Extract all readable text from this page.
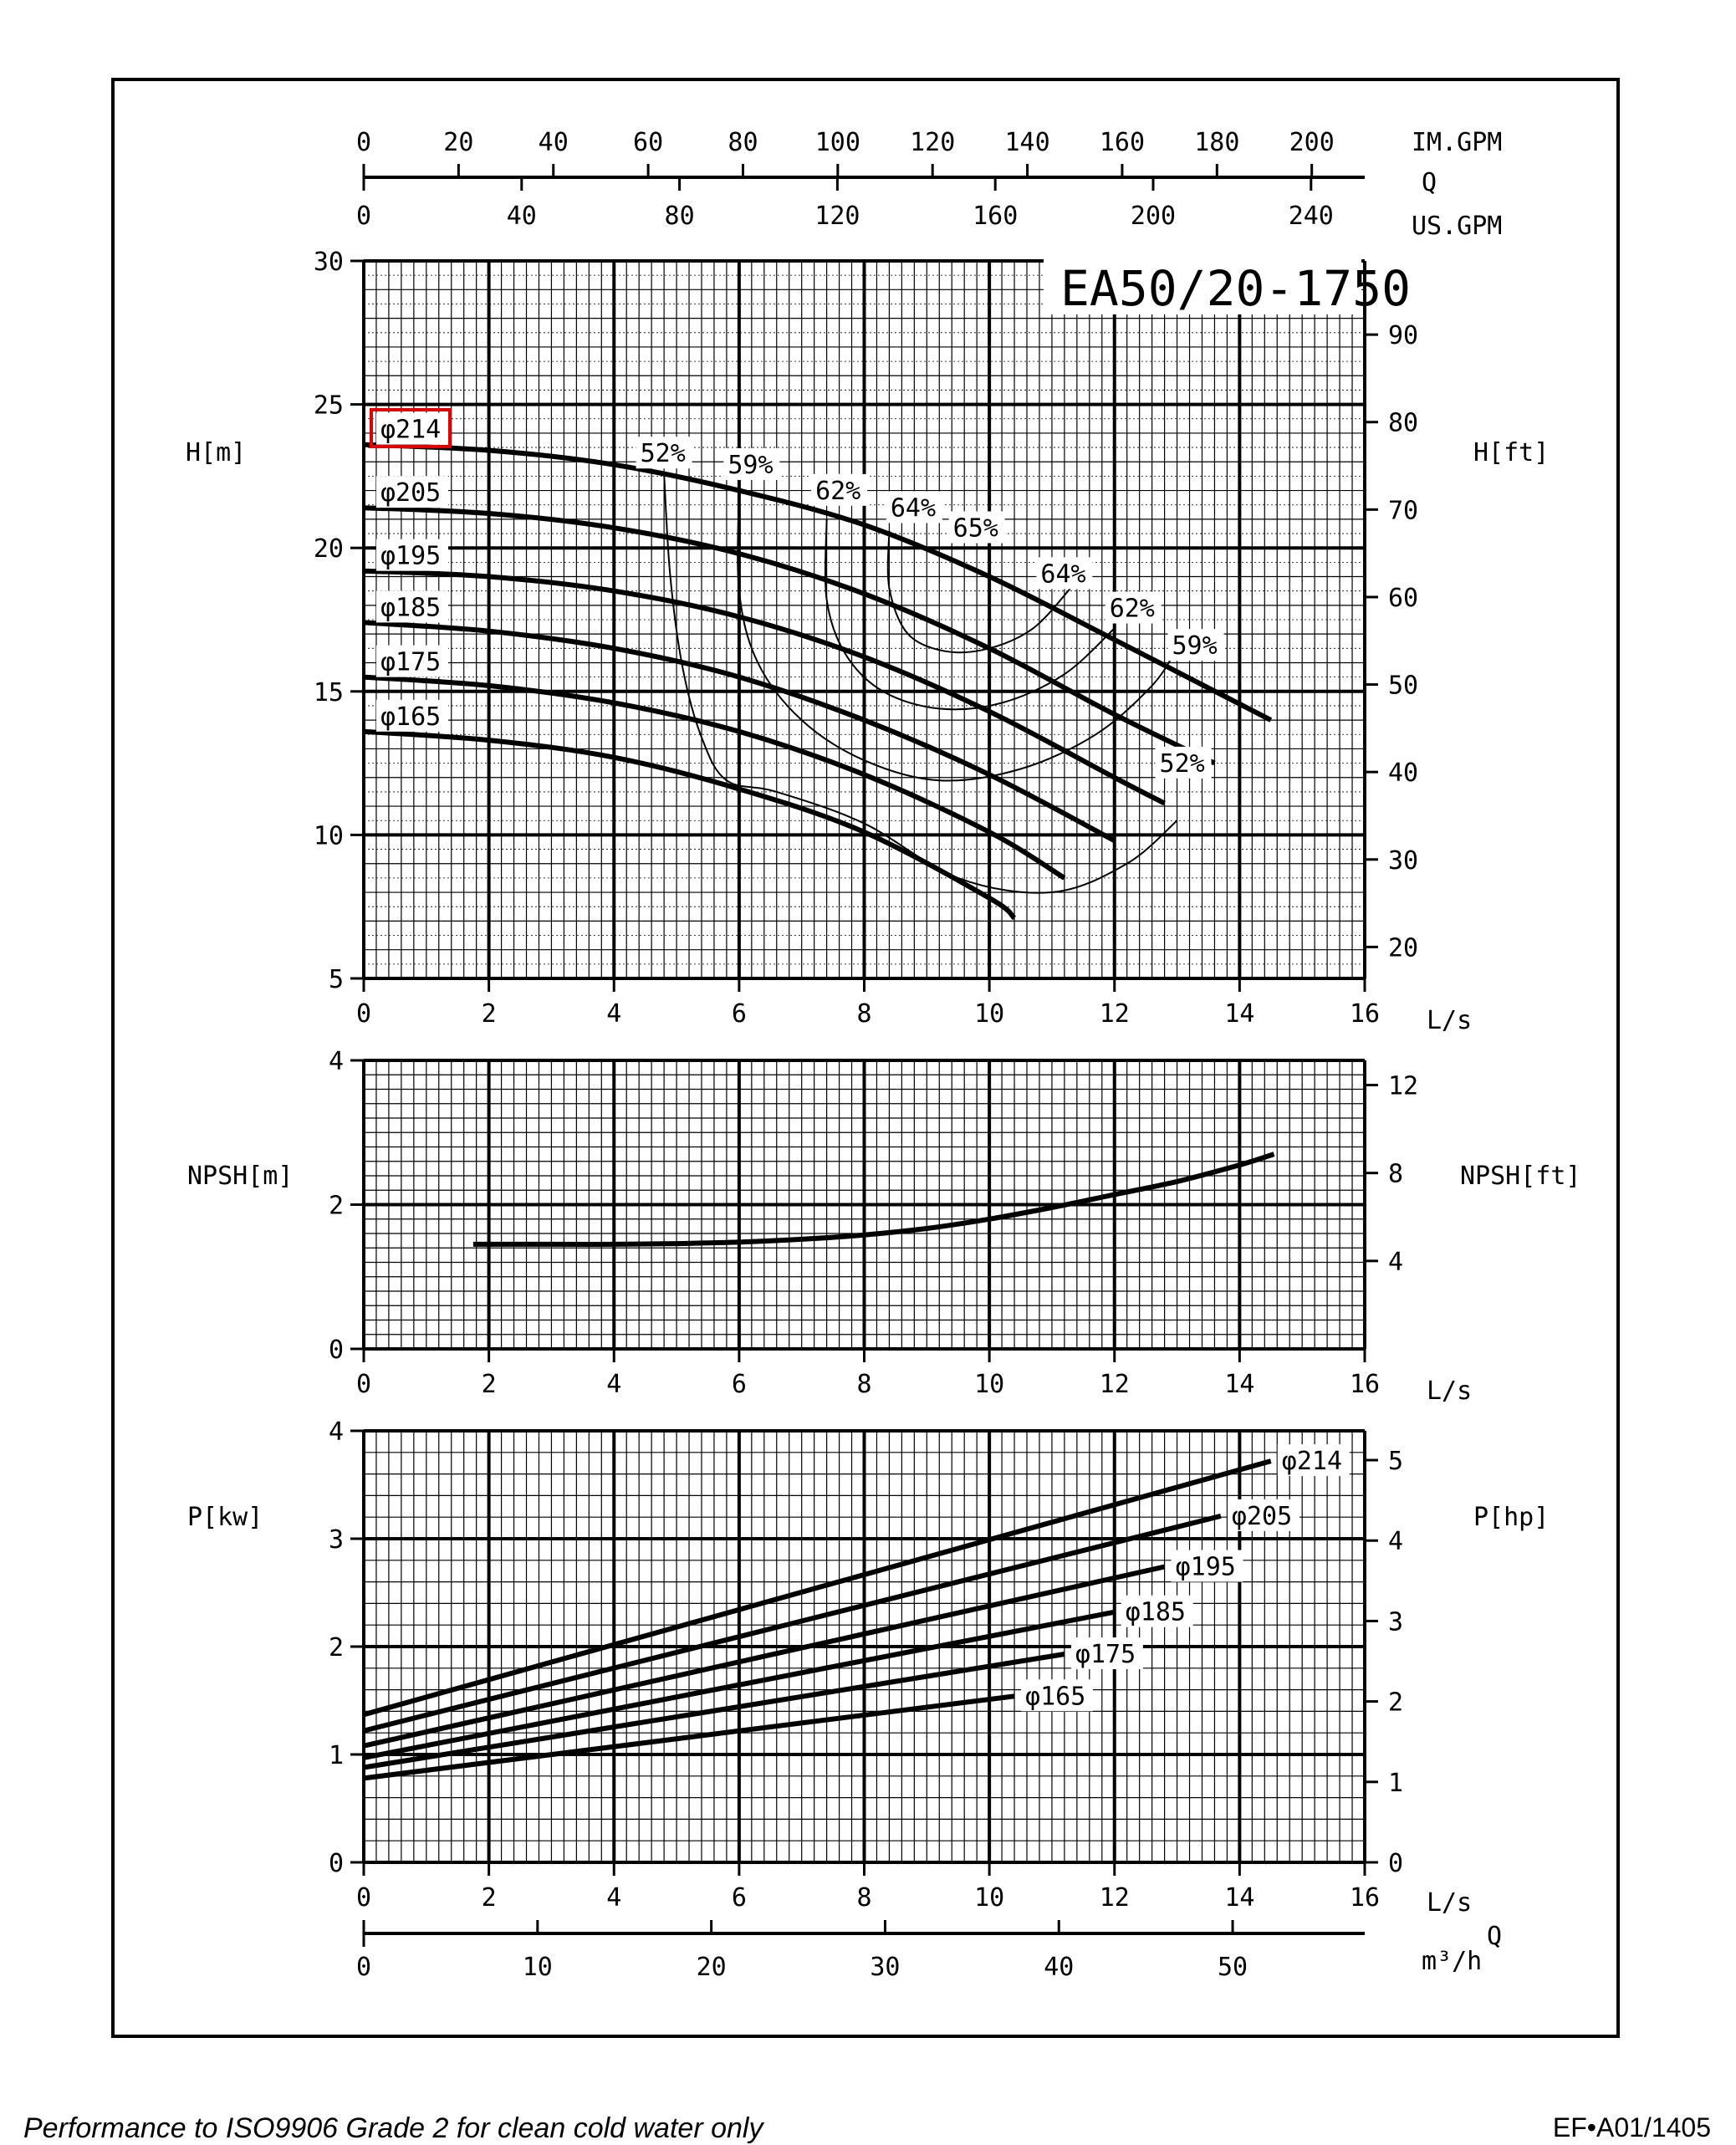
0	2	4	6	8	10	12	14	16
5
10
15
20
25
30
0	2	4	6	8	10	12	14	16
0
2
4
0	2	4	6	8	10	12	14	16
0
1
2
3
4
20
30
40
50
60
70
80
90
4
8
12
0
1
2
3
4
5
0	20	40	60	80 100 120 140 160 180 200
0	40	80	120	160	200	240
0	10	20	30	40	50
φ214
φ205
φ195
φ185
φ175
φ165
52% 59%
62%
64%
65%
64%
62%
59%
52%
φ214
φ205
φ195
φ185
φ175
φ165
EA50/20-1750
H[m]	H[ft]
NPSH[m]	NPSH[ft]
P[kw]	P[hp]
L/s
L/s
L/s
IM.GPM
Q
US.GPM
Q
m³/h
Performance to ISO9906 Grade 2 for clean cold water only	EF•A01/1405
